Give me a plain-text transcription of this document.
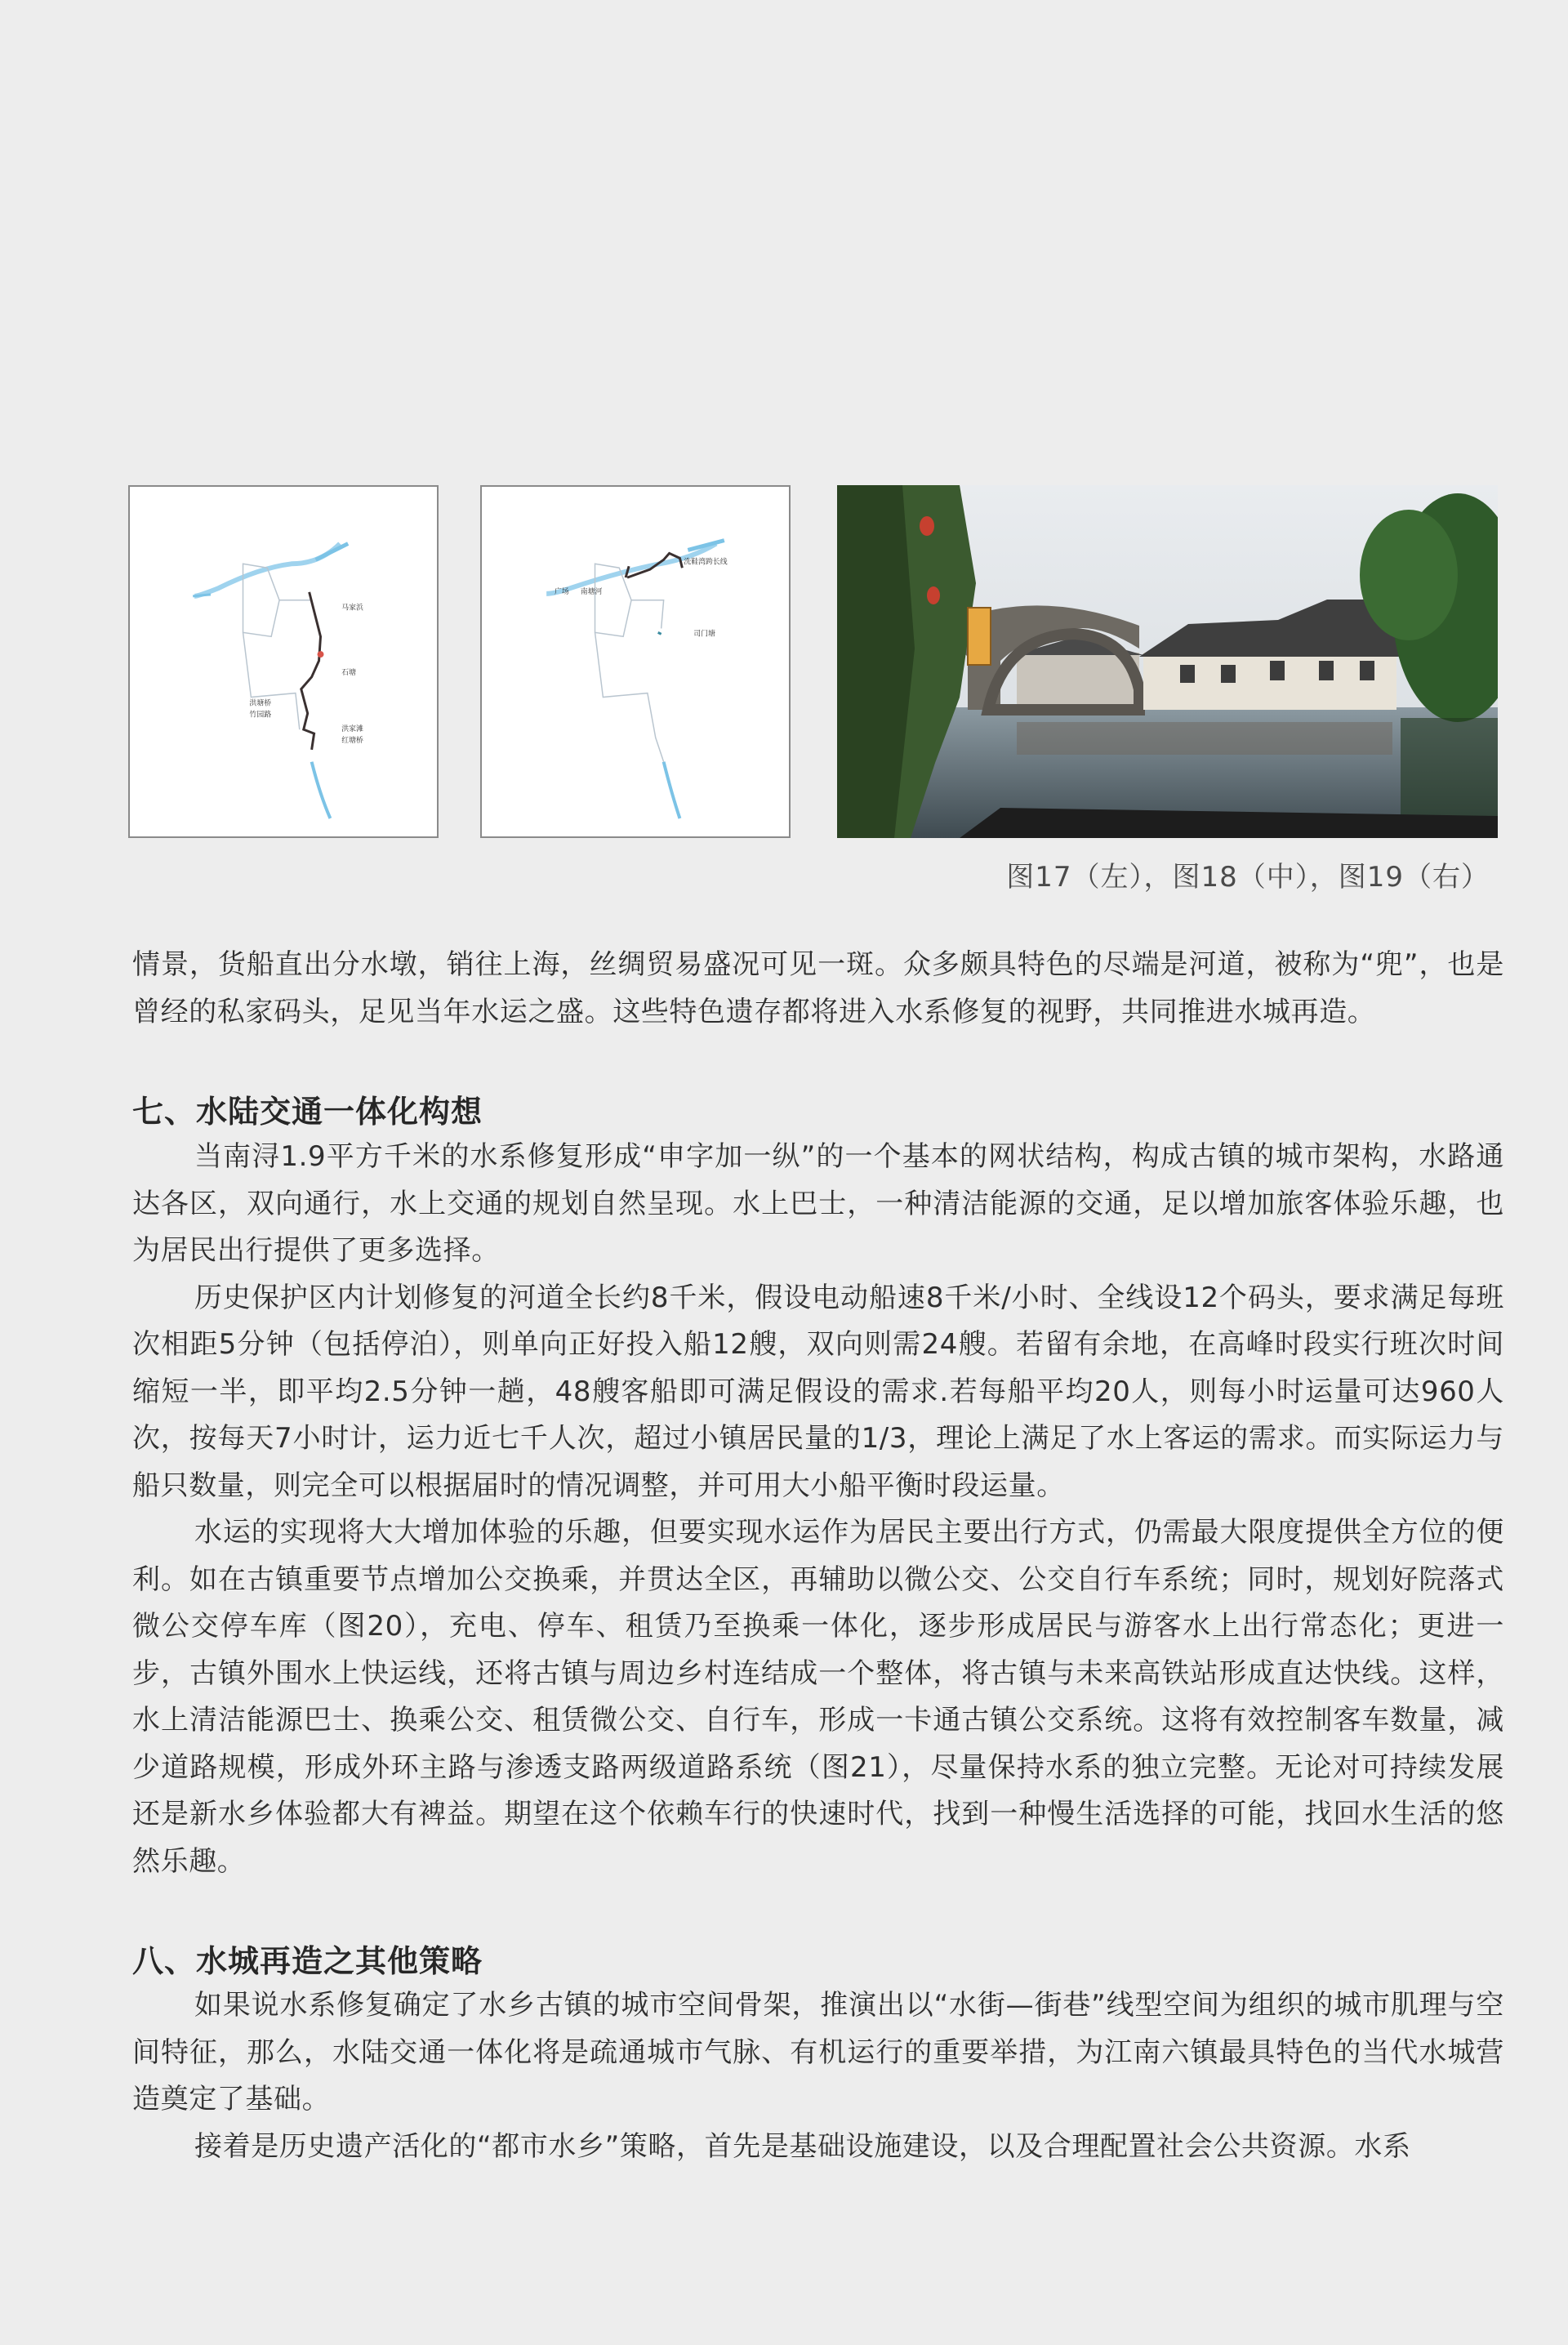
马家浜
石塘
洪家滩
红塘桥
洪塘桥
竹园路
洗鞋湾跨长线
广场 南塘河
司门塘
图17（左），图18（中），图19（右）

情景，货船直出分水墩，销往上海，丝绸贸易盛况可见一斑。众多颇具特色的尽端是河道，被称为“兜”，也是曾经的私家码头，足见当年水运之盛。这些特色遗存都将进入水系修复的视野，共同推进水城再造。

七、水陆交通一体化构想

当南浔1.9平方千米的水系修复形成“申字加一纵”的一个基本的网状结构，构成古镇的城市架构，水路通达各区，双向通行，水上交通的规划自然呈现。水上巴士，一种清洁能源的交通，足以增加旅客体验乐趣，也为居民出行提供了更多选择。

历史保护区内计划修复的河道全长约8千米，假设电动船速8千米/小时、全线设12个码头，要求满足每班次相距5分钟（包括停泊），则单向正好投入船12艘，双向则需24艘。若留有余地，在高峰时段实行班次时间缩短一半，即平均2.5分钟一趟，48艘客船即可满足假设的需求.若每船平均20人，则每小时运量可达960人次，按每天7小时计，运力近七千人次，超过小镇居民量的1/3，理论上满足了水上客运的需求。而实际运力与船只数量，则完全可以根据届时的情况调整，并可用大小船平衡时段运量。

水运的实现将大大增加体验的乐趣，但要实现水运作为居民主要出行方式，仍需最大限度提供全方位的便利。如在古镇重要节点增加公交换乘，并贯达全区，再辅助以微公交、公交自行车系统；同时，规划好院落式微公交停车库（图20），充电、停车、租赁乃至换乘一体化，逐步形成居民与游客水上出行常态化；更进一步，古镇外围水上快运线，还将古镇与周边乡村连结成一个整体，将古镇与未来高铁站形成直达快线。这样，水上清洁能源巴士、换乘公交、租赁微公交、自行车，形成一卡通古镇公交系统。这将有效控制客车数量，减少道路规模，形成外环主路与渗透支路两级道路系统（图21），尽量保持水系的独立完整。无论对可持续发展还是新水乡体验都大有裨益。期望在这个依赖车行的快速时代，找到一种慢生活选择的可能，找回水生活的悠然乐趣。

八、水城再造之其他策略

如果说水系修复确定了水乡古镇的城市空间骨架，推演出以“水街—街巷”线型空间为组织的城市肌理与空间特征，那么，水陆交通一体化将是疏通城市气脉、有机运行的重要举措，为江南六镇最具特色的当代水城营造奠定了基础。

接着是历史遗产活化的“都市水乡”策略，首先是基础设施建设，以及合理配置社会公共资源。水系
